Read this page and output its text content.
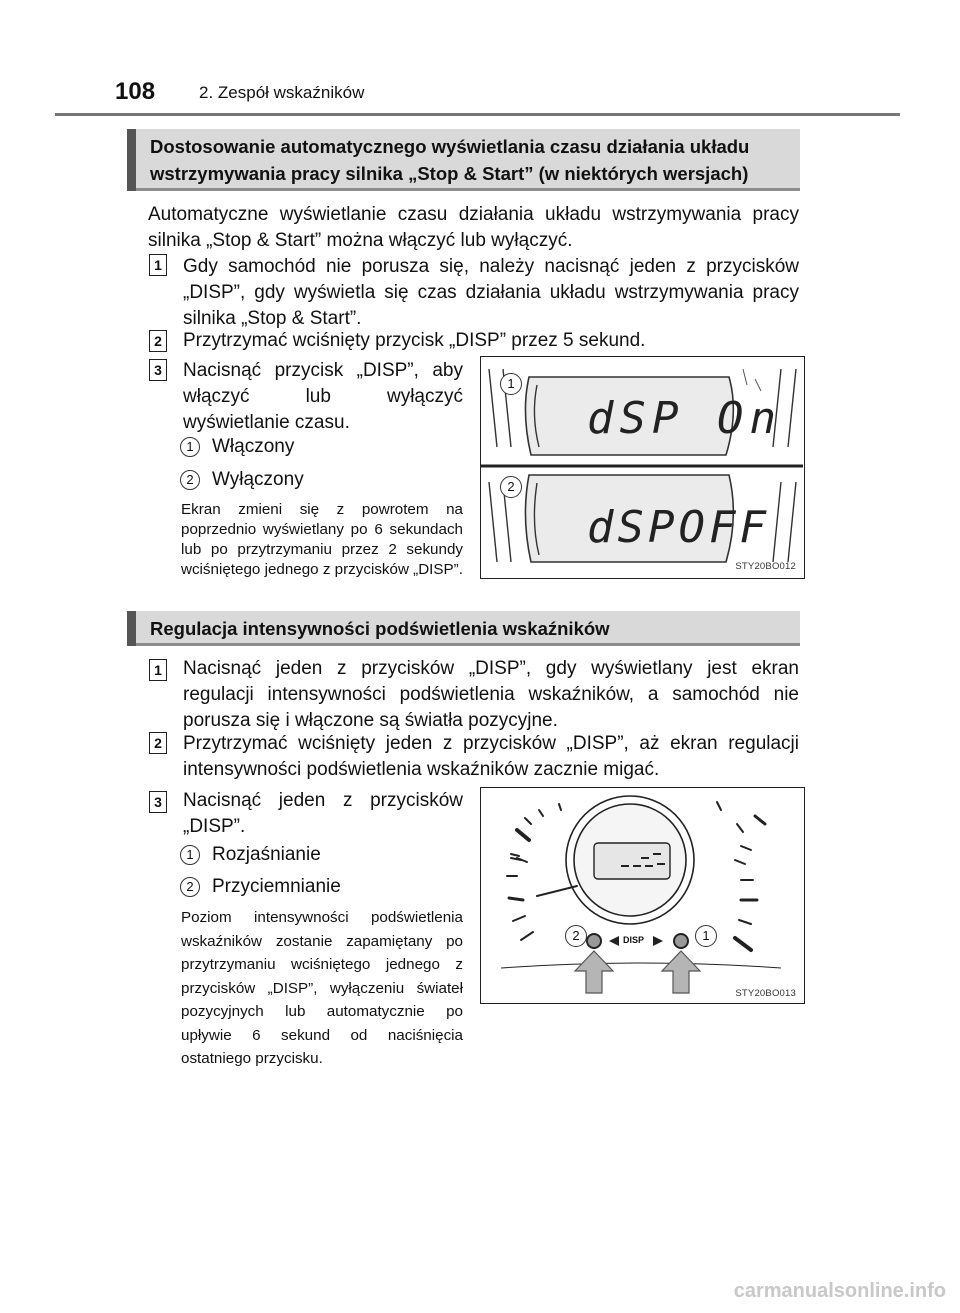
108	2. Zespół wskaźników
Dostosowanie automatycznego wyświetlania czasu działania układu wstrzymywania pracy silnika „Stop & Start” (w niektórych wersjach)
Automatyczne wyświetlanie czasu działania układu wstrzymywania pracy silnika „Stop & Start” można włączyć lub wyłączyć.
1 Gdy samochód nie porusza się, należy nacisnąć jeden z przycisków „DISP”, gdy wyświetla się czas działania układu wstrzymywania pracy silnika „Stop & Start”.
2 Przytrzymać wciśnięty przycisk „DISP” przez 5 sekund.
3 Nacisnąć przycisk „DISP”, aby włączyć lub wyłączyć wyświetlanie czasu.
1 Włączony
2 Wyłączony
Ekran zmieni się z powrotem na poprzednio wyświetlany po 6 sekundach lub po przytrzymaniu przez 2 sekundy wciśniętego jednego z przycisków „DISP”.
dSP On
dSPOFF
1
2
STY20BO012
Regulacja intensywności podświetlenia wskaźników
1 Nacisnąć jeden z przycisków „DISP”, gdy wyświetlany jest ekran regulacji intensywności podświetlenia wskaźników, a samochód nie porusza się i włączone są światła pozycyjne.
2 Przytrzymać wciśnięty jeden z przycisków „DISP”, aż ekran regulacji intensywności podświetlenia wskaźników zacznie migać.
3 Nacisnąć jeden z przycisków „DISP”.
1 Rozjaśnianie
2 Przyciemnianie
Poziom intensywności podświetlenia wskaźników zostanie zapamiętany po przytrzymaniu wciśniętego jednego z przycisków „DISP”, wyłączeniu świateł pozycyjnych lub automatycznie po upływie 6 sekund od naciśnięcia ostatniego przycisku.
DISP
2	1
STY20BO013
carmanualsonline.info
